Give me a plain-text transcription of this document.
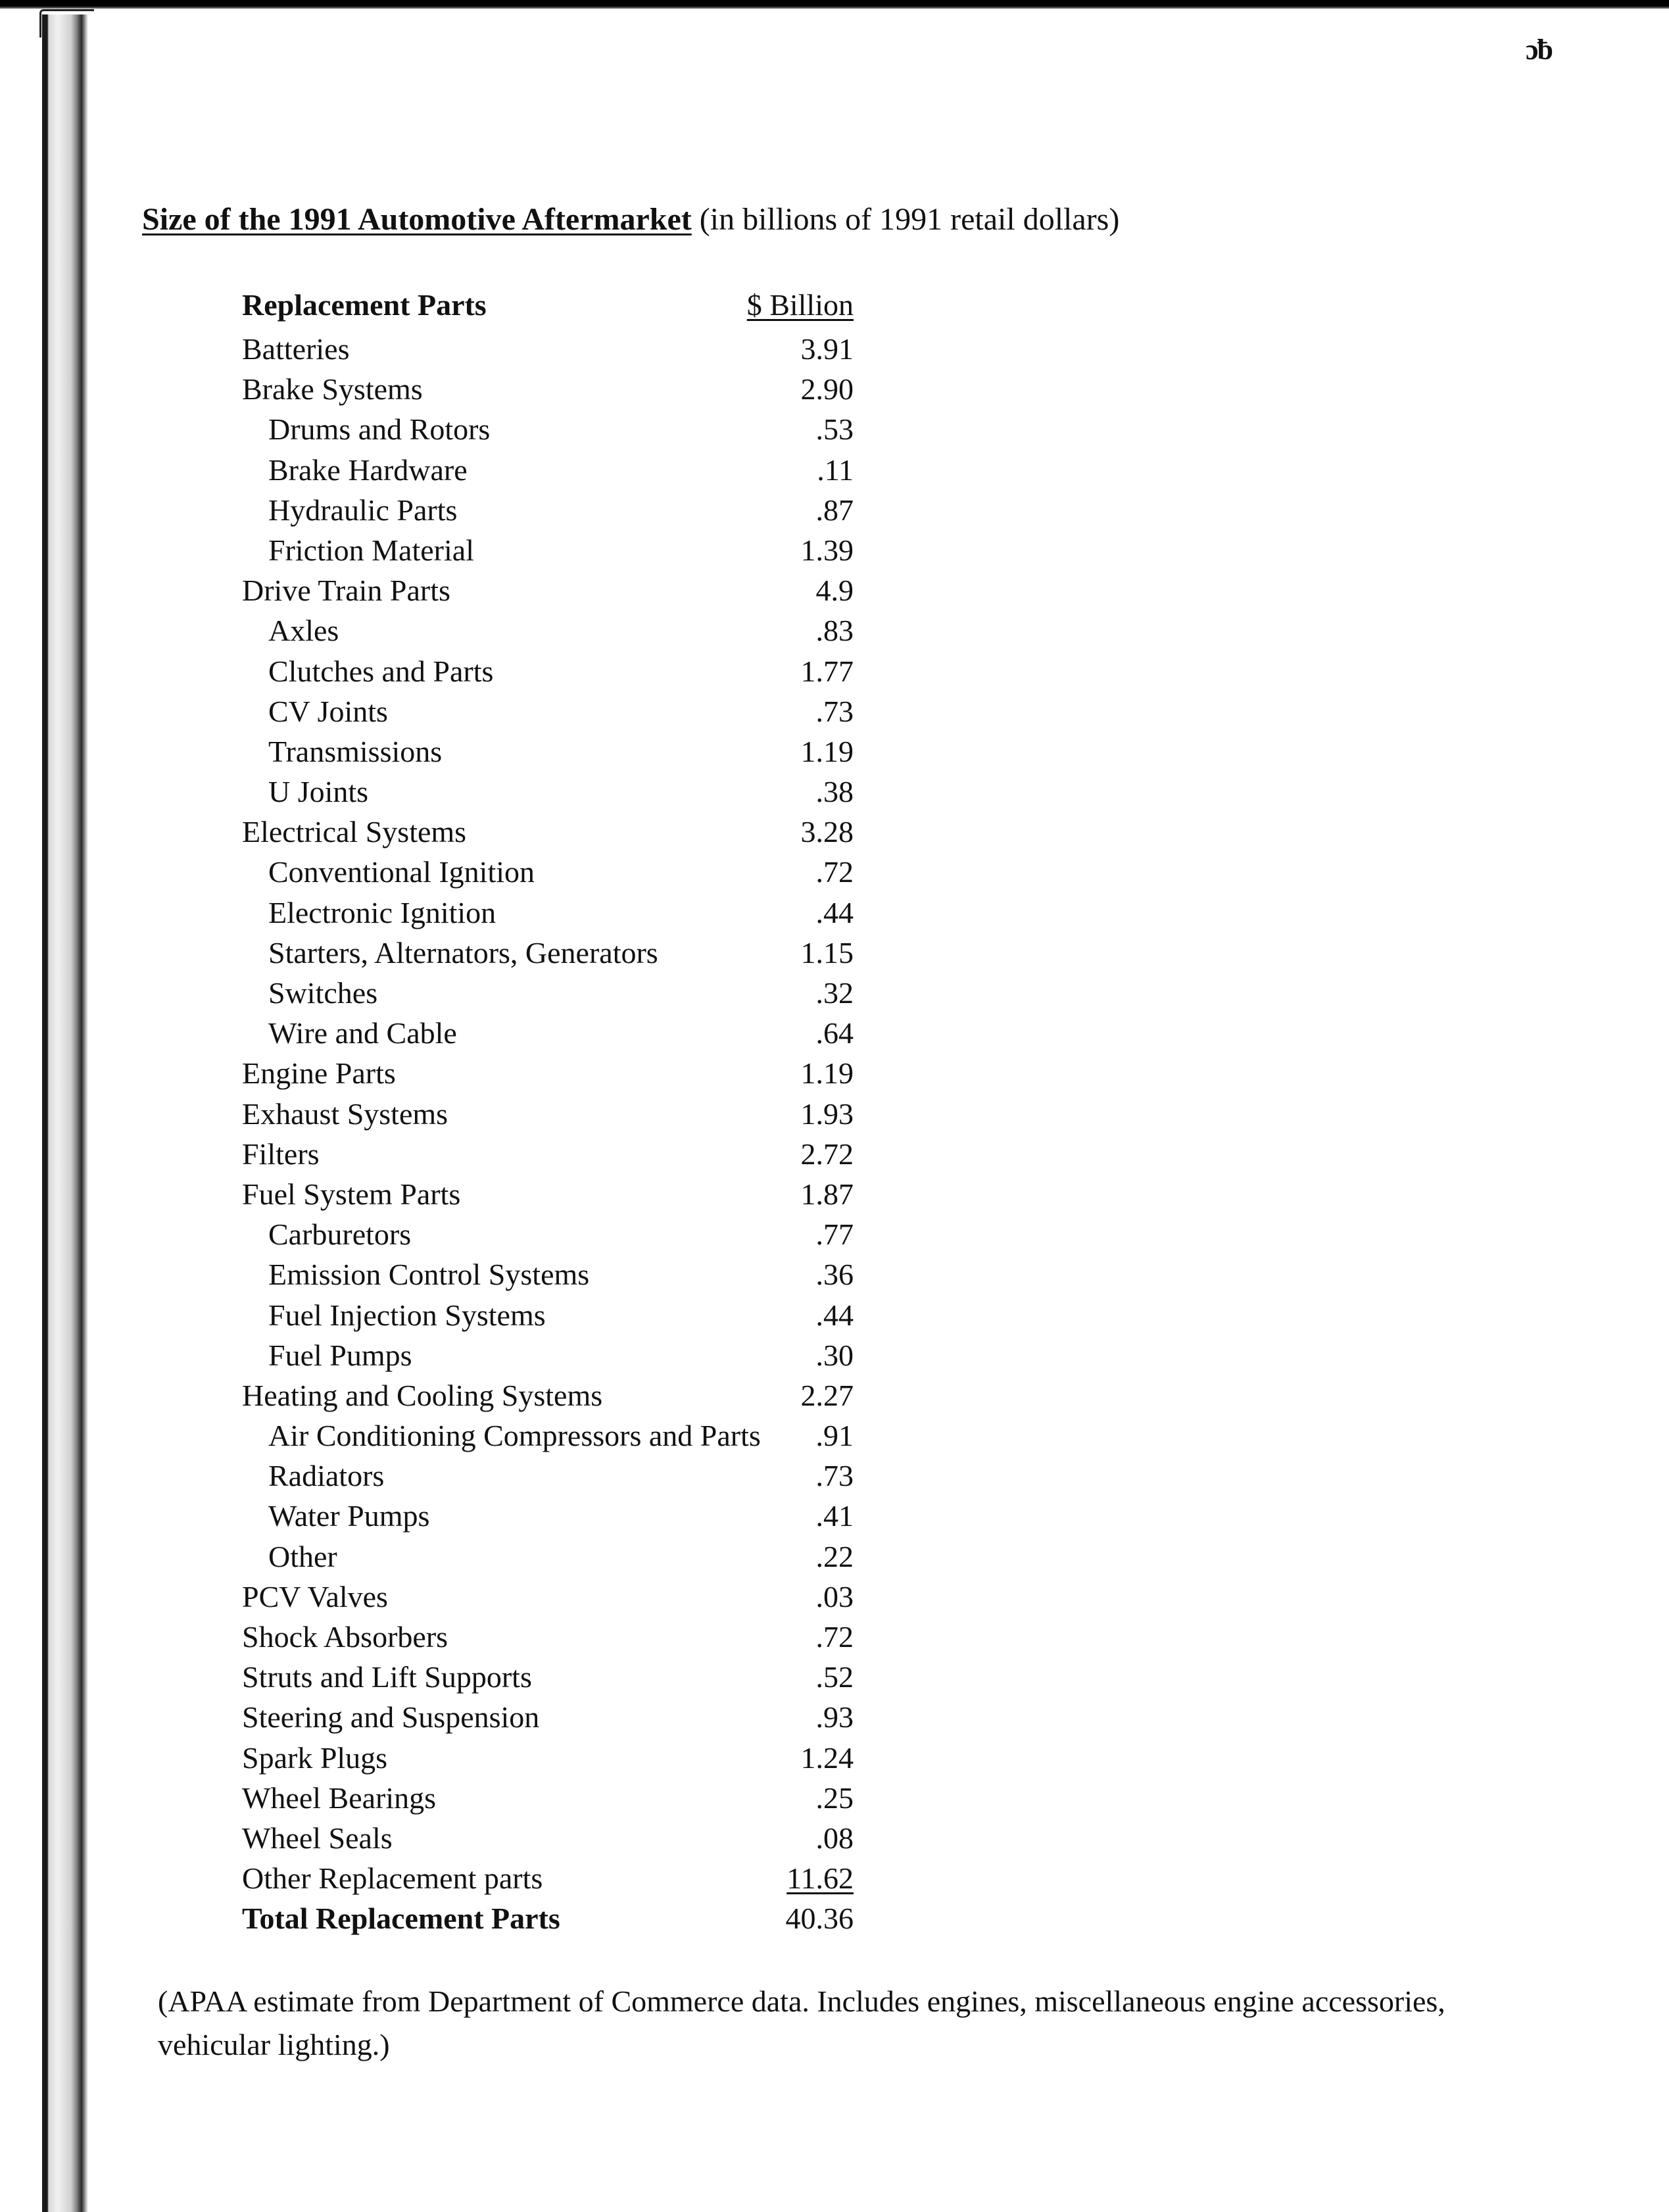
ɔƀ
Size of the 1991 Automotive Aftermarket (in billions of 1991 retail dollars)
Replacement Parts	$ Billion
Batteries	3.91
Brake Systems	2.90
Drums and Rotors	.53
Brake Hardware	.11
Hydraulic Parts	.87
Friction Material	1.39
Drive Train Parts	4.9
Axles	.83
Clutches and Parts	1.77
CV Joints	.73
Transmissions	1.19
U Joints	.38
Electrical Systems	3.28
Conventional Ignition	.72
Electronic Ignition	.44
Starters, Alternators, Generators	1.15
Switches	.32
Wire and Cable	.64
Engine Parts	1.19
Exhaust Systems	1.93
Filters	2.72
Fuel System Parts	1.87
Carburetors	.77
Emission Control Systems	.36
Fuel Injection Systems	.44
Fuel Pumps	.30
Heating and Cooling Systems	2.27
Air Conditioning Compressors and Parts .91
Radiators	.73
Water Pumps	.41
Other	.22
PCV Valves	.03
Shock Absorbers	.72
Struts and Lift Supports	.52
Steering and Suspension	.93
Spark Plugs	1.24
Wheel Bearings	.25
Wheel Seals	.08
Other Replacement parts	11.62
Total Replacement Parts	40.36
(APAA estimate from Department of Commerce data. Includes engines, miscellaneous engine accessories, vehicular lighting.)
